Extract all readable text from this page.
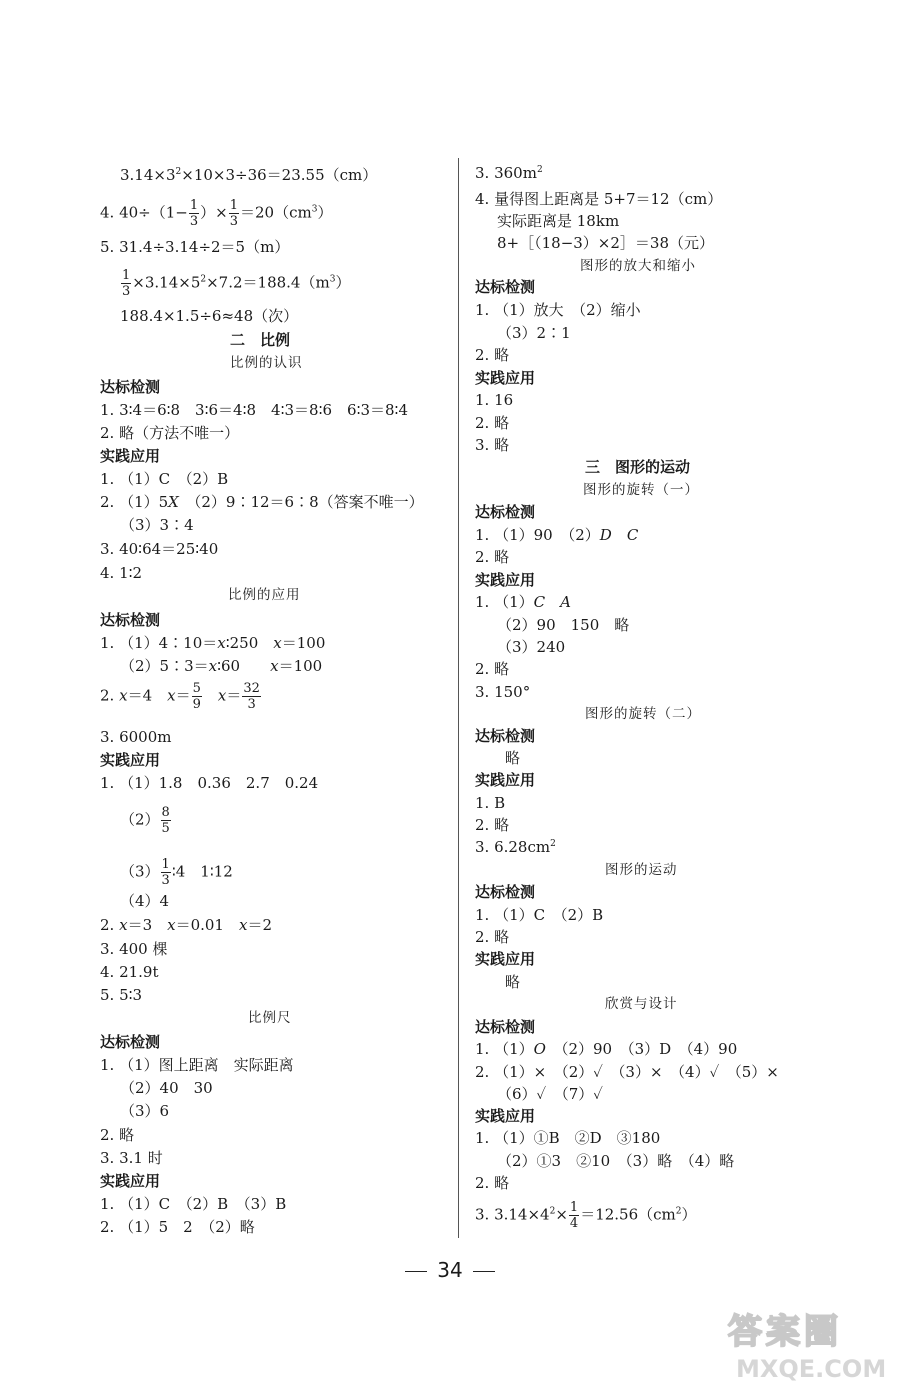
$3.14\times 3^2\times 10\times 3\div 36=23.55(cm)$
4. $40\div(1- \frac{1}{3}$ ）× $\frac{1}{3} =20(cm^3)$
5. 31.4÷3.14÷2＝5（m）
$\frac{1}{3} \times 3.14\times 5^2\times 7.2=188.4(m^3)$
188.4×1.5÷6≈48（次）
二　比例
比例的认识
达标检测
1. 3∶4＝6∶8　3∶6＝4∶8　4∶3＝8∶6　6∶3＝8∶4
2. 略（方法不唯一）
实践应用
1. （1）C　（2）B
2. （1）5X　（2）9∶12＝6∶8（答案不唯一）
（3）3∶4
3. 40∶64＝25∶40
4. 1∶2
比例的应用
达标检测
1. （1）4∶10＝x∶250　x＝100
（2）5∶3＝x∶60　　x＝100
2. x＝4　$x= \frac{5}{9}$
　 $x= \frac{32}{3}$
3. 6000m
实践应用
1. （1）1.8　0.36　2.7　0.24
$(2) \frac{8}{5}$
$(3) \frac{1}{3}$ ∶4　1∶12
（4）4
2. x＝3　x＝0.01　x＝2
3. 400 棵
4. 21.9t
5. 5∶3
比例尺
达标检测
1. （1）图上距离　实际距离
（2）40　30
（3）6
2. 略
3. 3.1 时
实践应用
1. （1）C　（2）B　（3）B
2. （1）5　2　（2）略
3. $360m^2$
4. 量得图上距离是 5+7＝12（cm）
实际距离是 18km
8+［（18−3）×2］＝38（元）
图形的放大和缩小
达标检测
1. （1）放大　（2）缩小
（3）2∶1
2. 略
实践应用
1. 16
2. 略
3. 略
三　图形的运动
图形的旋转（一）
达标检测
1. （1）90　（2）D　 C
2. 略
实践应用
1. （1）C　 A
（2）90　150　略
（3）240
2. 略
3. 150°
图形的旋转（二）
达标检测
略
实践应用
1. B
2. 略
3. $6.28cm^2$
图形的运动
达标检测
1. （1）C　（2）B
2. 略
实践应用
略
欣赏与设计
达标检测
1. （1）O　（2）90　（3）D　（4）90
2. （1）×　（2）✓　（3）×　（4）✓　（5）×
（6）✓　（7）✓
实践应用
1. （1）①B　②D　③180
（2）①3　②10　（3）略　（4）略
2. 略
3. $3.14\times 4^2\times \frac{1}{4} =12.56(cm^2)$
34
答案圈
MXQE.COM
